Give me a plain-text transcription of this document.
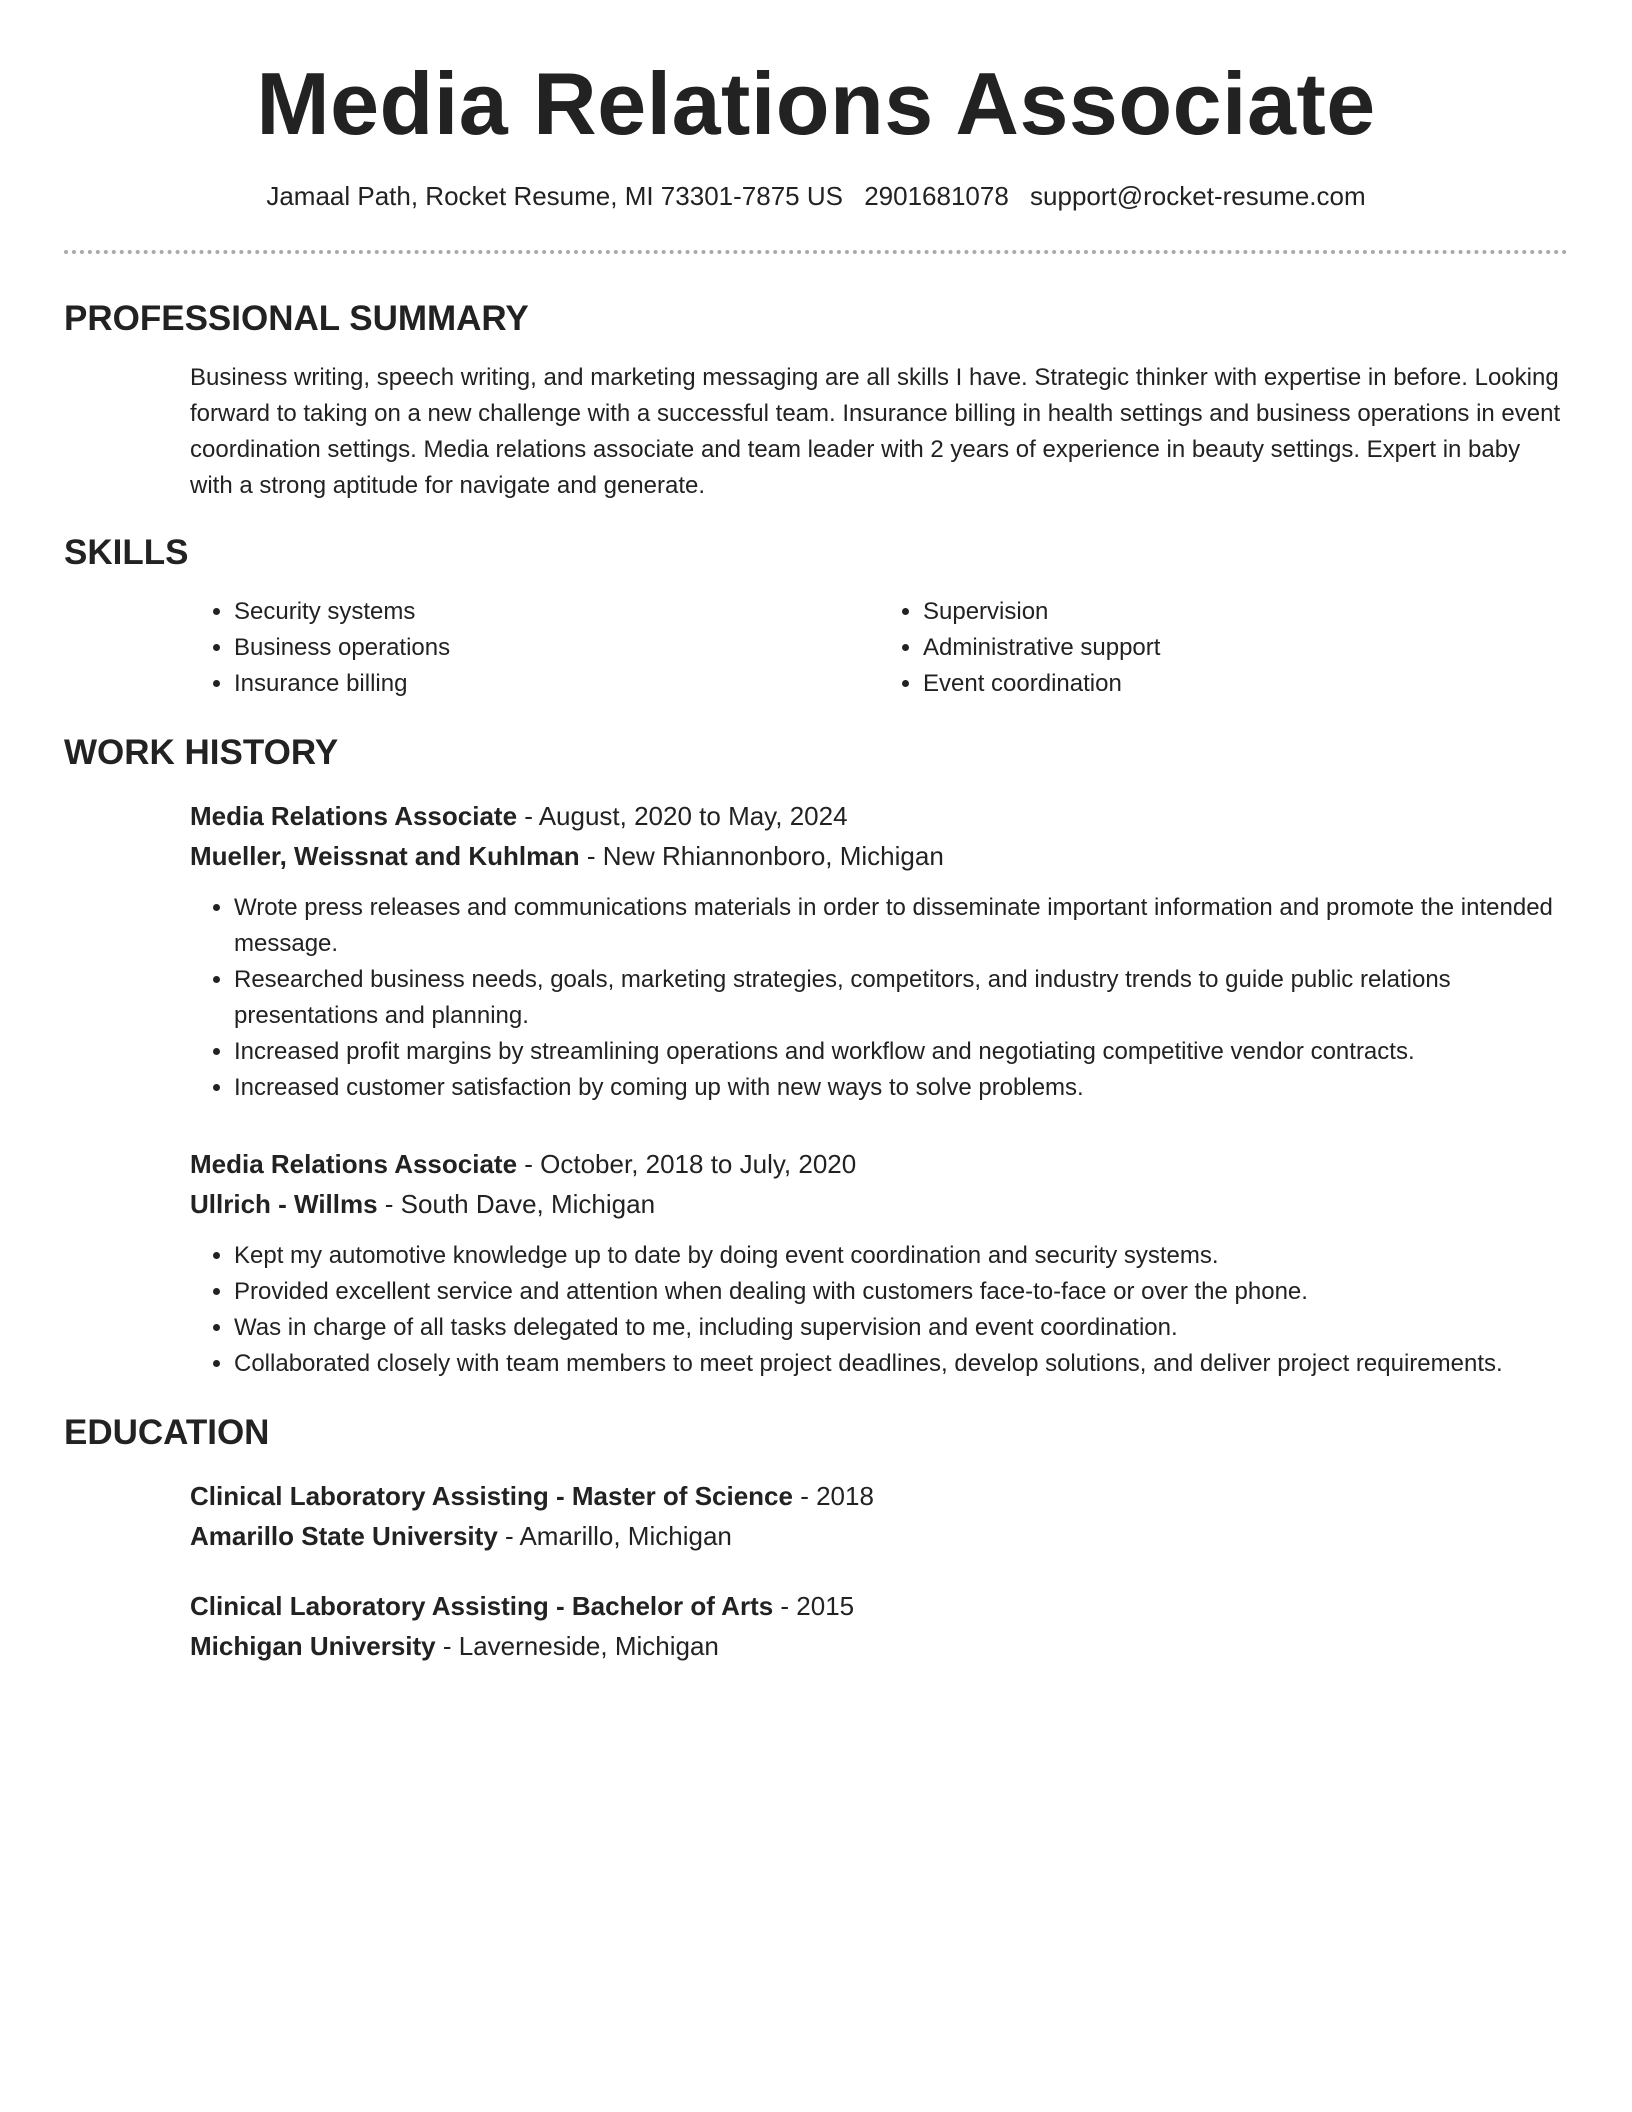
Media Relations Associate
Jamaal Path, Rocket Resume, MI 73301-7875 US 2901681078 support@rocket-resume.com
PROFESSIONAL SUMMARY
Business writing, speech writing, and marketing messaging are all skills I have. Strategic thinker with expertise in before. Looking forward to taking on a new challenge with a successful team. Insurance billing in health settings and business operations in event coordination settings. Media relations associate and team leader with 2 years of experience in beauty settings. Expert in baby with a strong aptitude for navigate and generate.
SKILLS
• Security systems
• Business operations
• Insurance billing
• Supervision
• Administrative support
• Event coordination
WORK HISTORY
Media Relations Associate - August, 2020 to May, 2024
Mueller, Weissnat and Kuhlman - New Rhiannonboro, Michigan
• Wrote press releases and communications materials in order to disseminate important information and promote the intended message.
• Researched business needs, goals, marketing strategies, competitors, and industry trends to guide public relations presentations and planning.
• Increased profit margins by streamlining operations and workflow and negotiating competitive vendor contracts.
• Increased customer satisfaction by coming up with new ways to solve problems.
Media Relations Associate - October, 2018 to July, 2020
Ullrich - Willms - South Dave, Michigan
• Kept my automotive knowledge up to date by doing event coordination and security systems.
• Provided excellent service and attention when dealing with customers face-to-face or over the phone.
• Was in charge of all tasks delegated to me, including supervision and event coordination.
• Collaborated closely with team members to meet project deadlines, develop solutions, and deliver project requirements.
EDUCATION
Clinical Laboratory Assisting - Master of Science - 2018
Amarillo State University - Amarillo, Michigan
Clinical Laboratory Assisting - Bachelor of Arts - 2015
Michigan University - Laverneside, Michigan
